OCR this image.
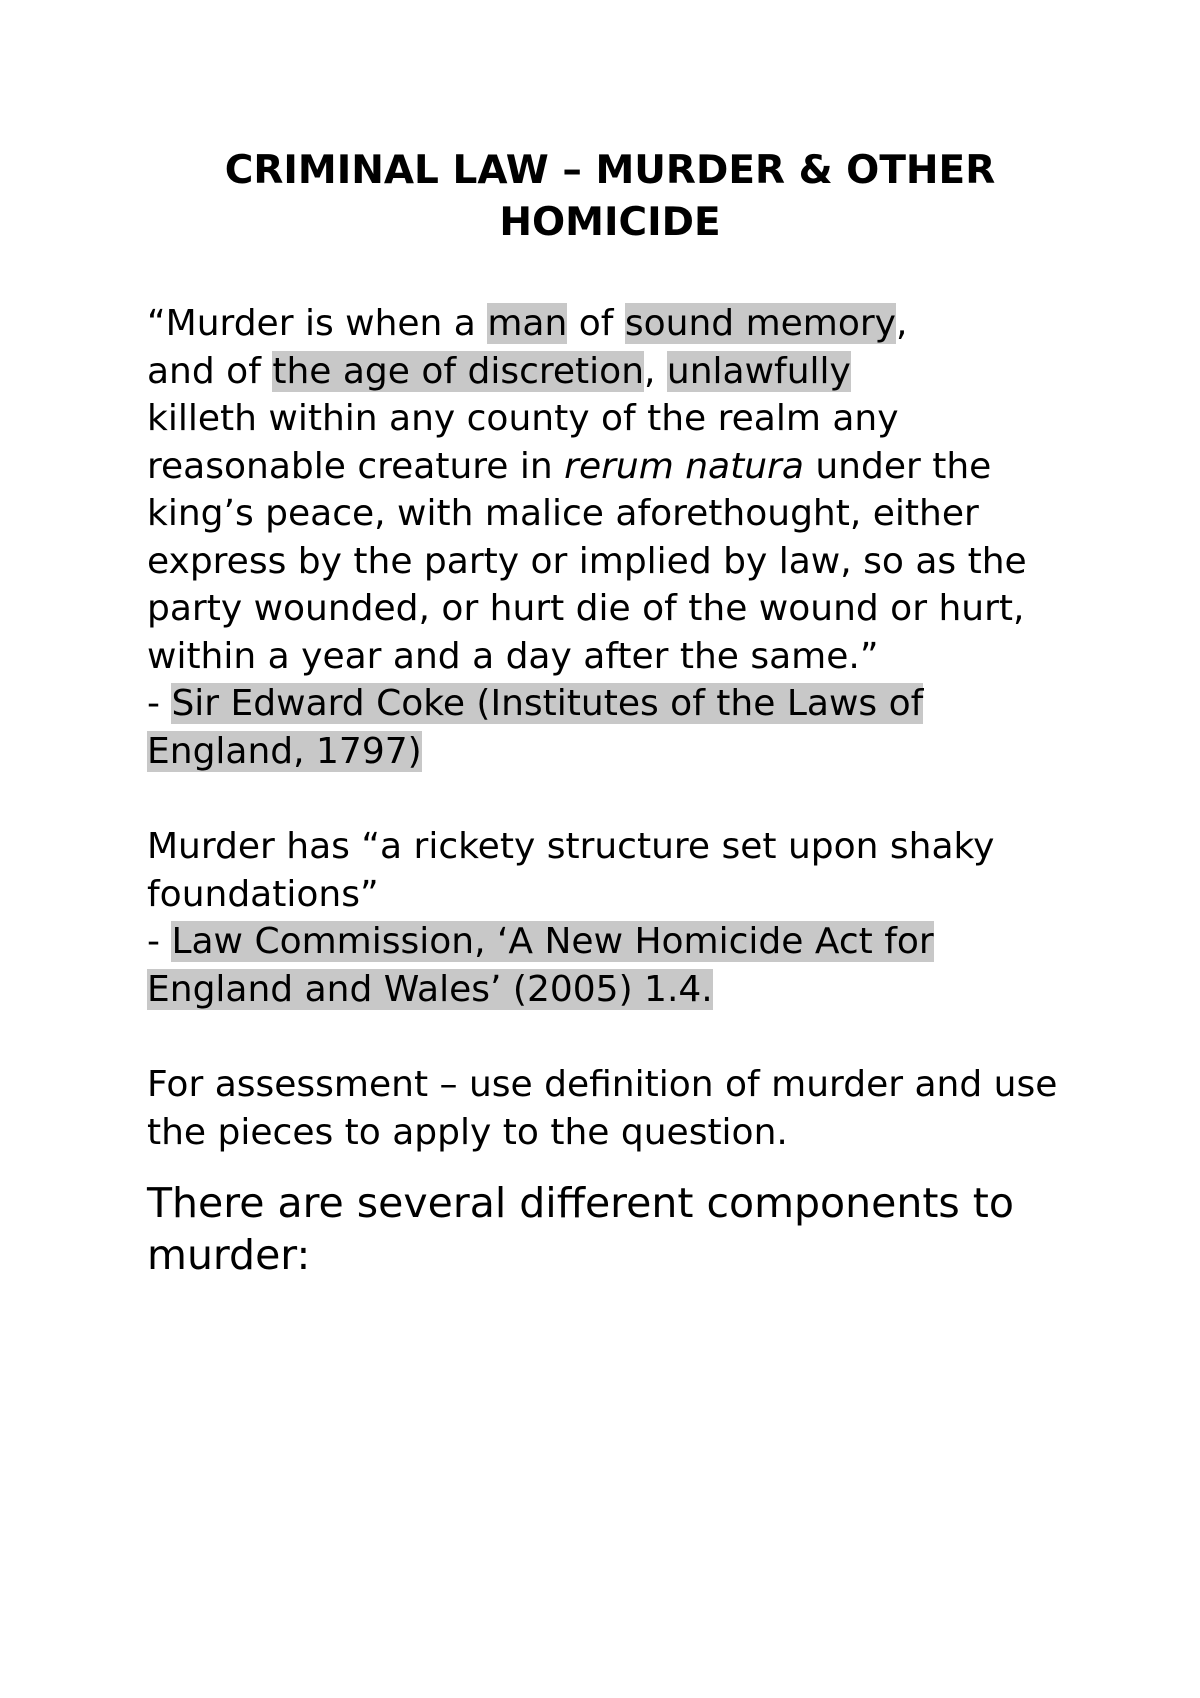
CRIMINAL LAW – MURDER & OTHER HOMICIDE

“Murder is when a man of sound memory,
and of the age of discretion, unlawfully
killeth within any county of the realm any reasonable creature in rerum natura under the king’s peace, with malice aforethought, either express by the party or implied by law, so as the party wounded, or hurt die of the wound or hurt, within a year and a day after the same.”

- Sir Edward Coke (Institutes of the Laws of England, 1797)

Murder has “a rickety structure set upon shaky foundations”

- Law Commission, ‘A New Homicide Act for England and Wales’ (2005) 1.4.

For assessment – use definition of murder and use the pieces to apply to the question.

There are several different components to murder:
